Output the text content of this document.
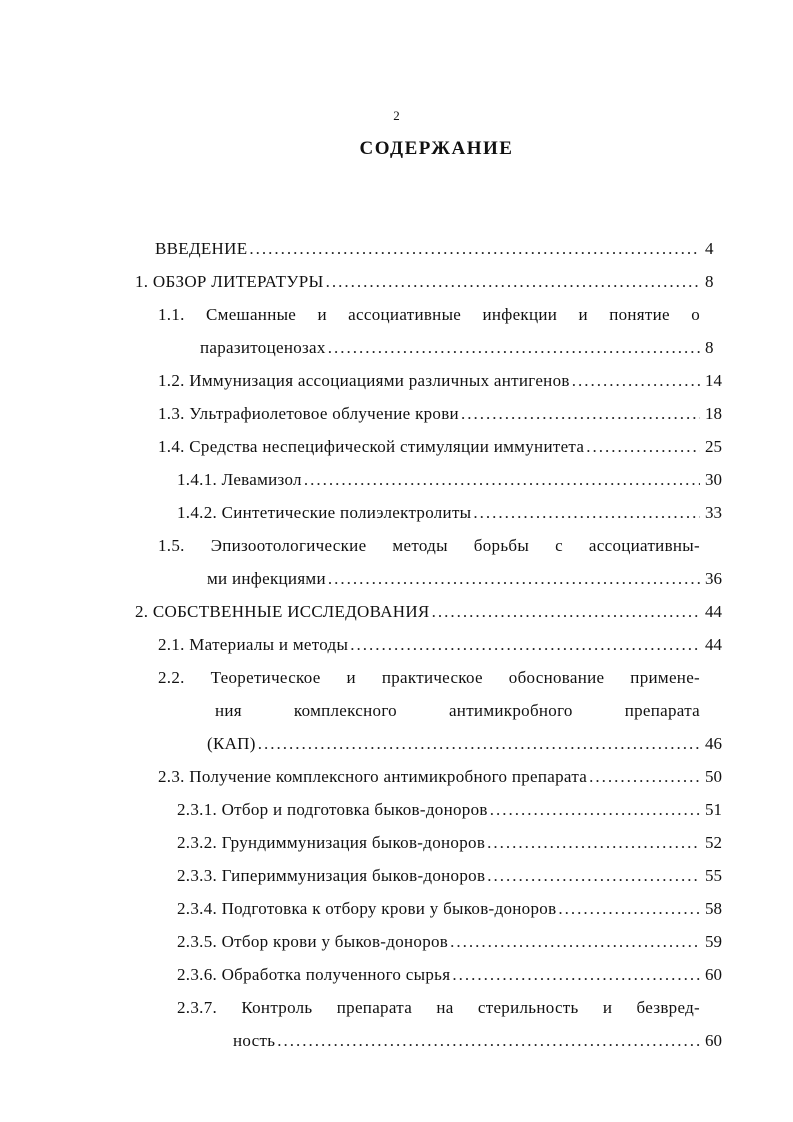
2
СОДЕРЖАНИЕ
ВВЕДЕНИЕ .....	4
1. ОБЗОР ЛИТЕРАТУРЫ .....	8
1.1. Смешанные и ассоциативные инфекции и понятие о
паразитоценозах .....	8
1.2. Иммунизация ассоциациями различных антигенов .....	14
1.3. Ультрафиолетовое облучение крови .....	18
1.4. Средства неспецифической стимуляции иммунитета .....	25
1.4.1. Левамизол .....	30
1.4.2. Синтетические полиэлектролиты .....	33
1.5. Эпизоотологические методы борьбы с ассоциативны-
ми инфекциями .....	36
2. СОБСТВЕННЫЕ ИССЛЕДОВАНИЯ .....	44
2.1. Материалы и методы .....	44
2.2. Теоретическое и практическое обоснование примене-
ния комплексного антимикробного препарата
(КАП) .....	46
2.3. Получение комплексного антимикробного препарата .....	50
2.3.1. Отбор и подготовка быков-доноров .....	51
2.3.2. Грундиммунизация быков-доноров .....	52
2.3.3. Гипериммунизация быков-доноров .....	55
2.3.4. Подготовка к отбору крови у быков-доноров .....	58
2.3.5. Отбор крови у быков-доноров .....	59
2.3.6. Обработка полученного сырья .....	60
2.3.7. Контроль препарата на стерильность и безвред-
ность .....	60
